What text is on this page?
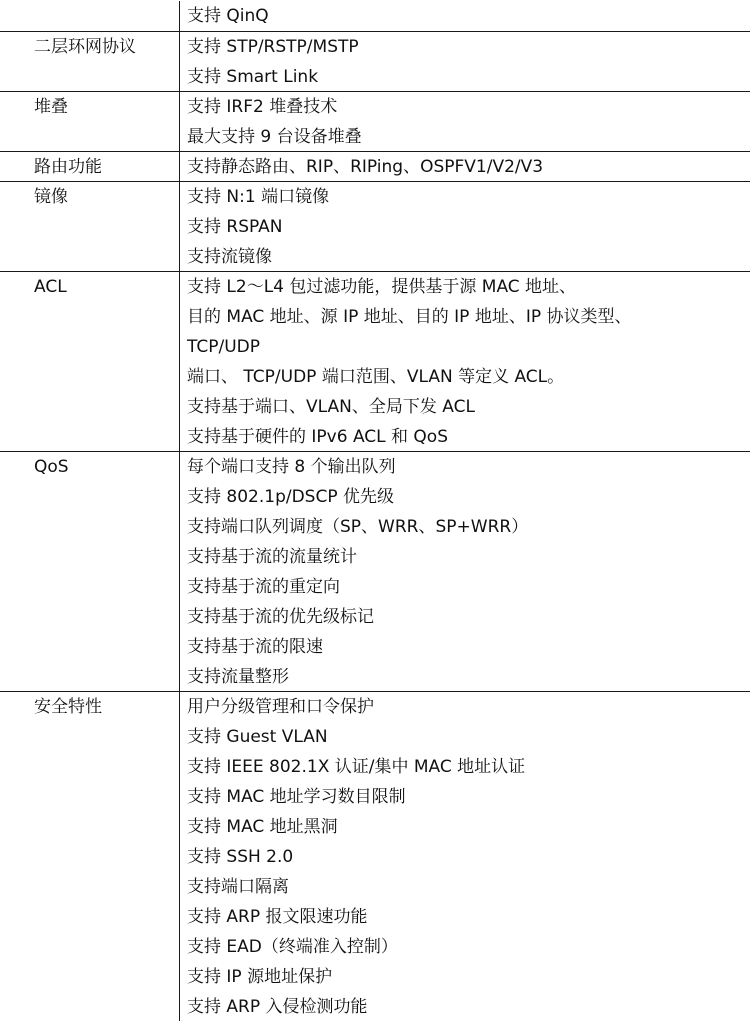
支持 QinQ
二层环网协议	支持 STP/RSTP/MSTP
支持 Smart Link
堆叠	支持 IRF2 堆叠技术
最大支持 9 台设备堆叠
路由功能	支持静态路由、RIP、RIPing、OSPFV1/V2/V3
镜像	支持 N:1 端口镜像
支持 RSPAN
支持流镜像
ACL	支持 L2～L4 包过滤功能，提供基于源 MAC 地址、
目的 MAC 地址、源 IP 地址、目的 IP 地址、IP 协议类型、
TCP/UDP
端口、 TCP/UDP 端口范围、VLAN 等定义 ACL。
支持基于端口、VLAN、全局下发 ACL
支持基于硬件的 IPv6 ACL 和 QoS
QoS	每个端口支持 8 个输出队列
支持 802.1p/DSCP 优先级
支持端口队列调度（SP、WRR、SP+WRR）
支持基于流的流量统计
支持基于流的重定向
支持基于流的优先级标记
支持基于流的限速
支持流量整形
安全特性	用户分级管理和口令保护
支持 Guest VLAN
支持 IEEE 802.1X 认证/集中 MAC 地址认证
支持 MAC 地址学习数目限制
支持 MAC 地址黑洞
支持 SSH 2.0
支持端口隔离
支持 ARP 报文限速功能
支持 EAD（终端准入控制）
支持 IP 源地址保护
支持 ARP 入侵检测功能
